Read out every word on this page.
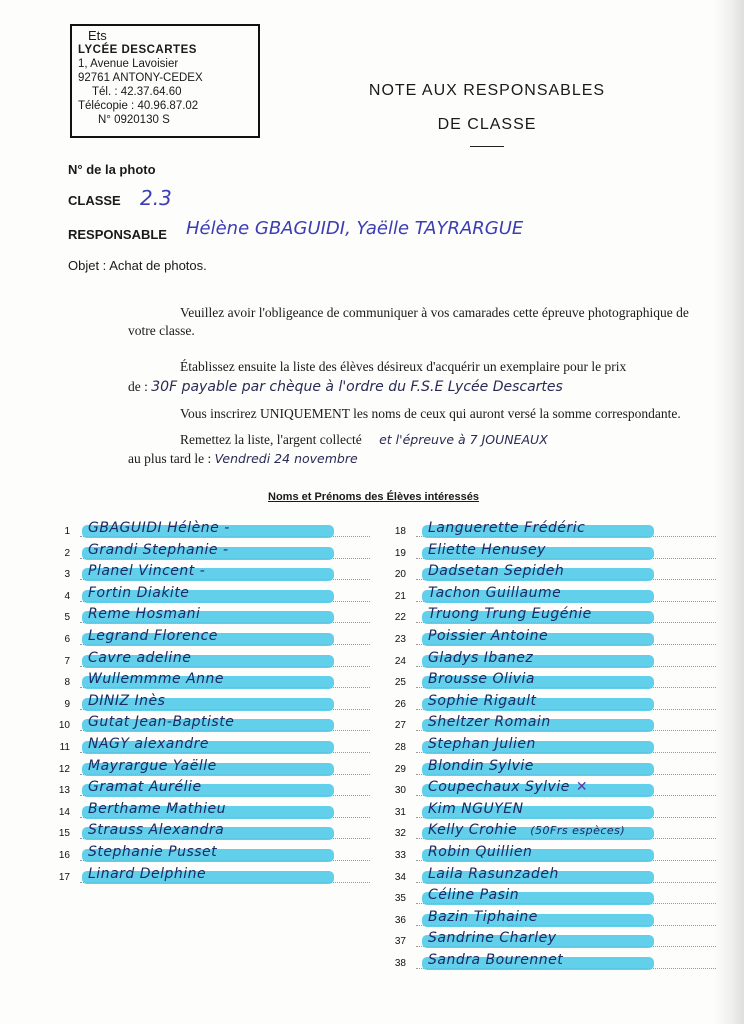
Ets
LYCÉE DESCARTES
1, Avenue Lavoisier
92761 ANTONY-CEDEX
Tél. : 42.37.64.60
Télécopie : 40.96.87.02
N° 0920130 S
NOTE AUX RESPONSABLES
DE CLASSE
N° de la photo
CLASSE 2.3
RESPONSABLE Hélène GBAGUIDI, Yaëlle TAYRARGUE
Objet : Achat de photos.
Veuillez avoir l'obligeance de communiquer à vos camarades cette épreuve photographique de votre classe.
Établissez ensuite la liste des élèves désireux d'acquérir un exemplaire pour le prix
de : 30F payable par chèque à l'ordre du F.S.E Lycée Descartes
Vous inscrirez UNIQUEMENT les noms de ceux qui auront versé la somme correspondante.
Remettez la liste, l'argent collecté et l'épreuve à 7 JOUNEAUX
au plus tard le : Vendredi 24 novembre
Noms et Prénoms des Élèves intéressés
1 GBAGUIDI Hélène -
2 Grandi Stephanie -
3 Planel Vincent -
4 Fortin Diakite
5 Reme Hosmani
6 Legrand Florence
7 Cavre adeline
8 Wullemmme Anne
9 DINIZ Inès
10 Gutat Jean-Baptiste
11 NAGY alexandre
12 Mayrargue Yaëlle
13 Gramat Aurélie
14 Berthame Mathieu
15 Strauss Alexandra
16 Stephanie Pusset
17 Linard Delphine
18 Languerette Frédéric
19 Eliette Henusey
20 Dadsetan Sepideh
21 Tachon Guillaume
22 Truong Trung Eugénie
23 Poissier Antoine
24 Gladys Ibanez
25 Brousse Olivia
26 Sophie Rigault
27 Sheltzer Romain
28 Stephan Julien
29 Blondin Sylvie
30 Coupechaux Sylvie ✕
31 Kim NGUYEN
32 Kelly Crohie (50Frs espèces)
33 Robin Quillien
34 Laila Rasunzadeh
35 Céline Pasin
36 Bazin Tiphaine
37 Sandrine Charley
38 Sandra Bourennet
